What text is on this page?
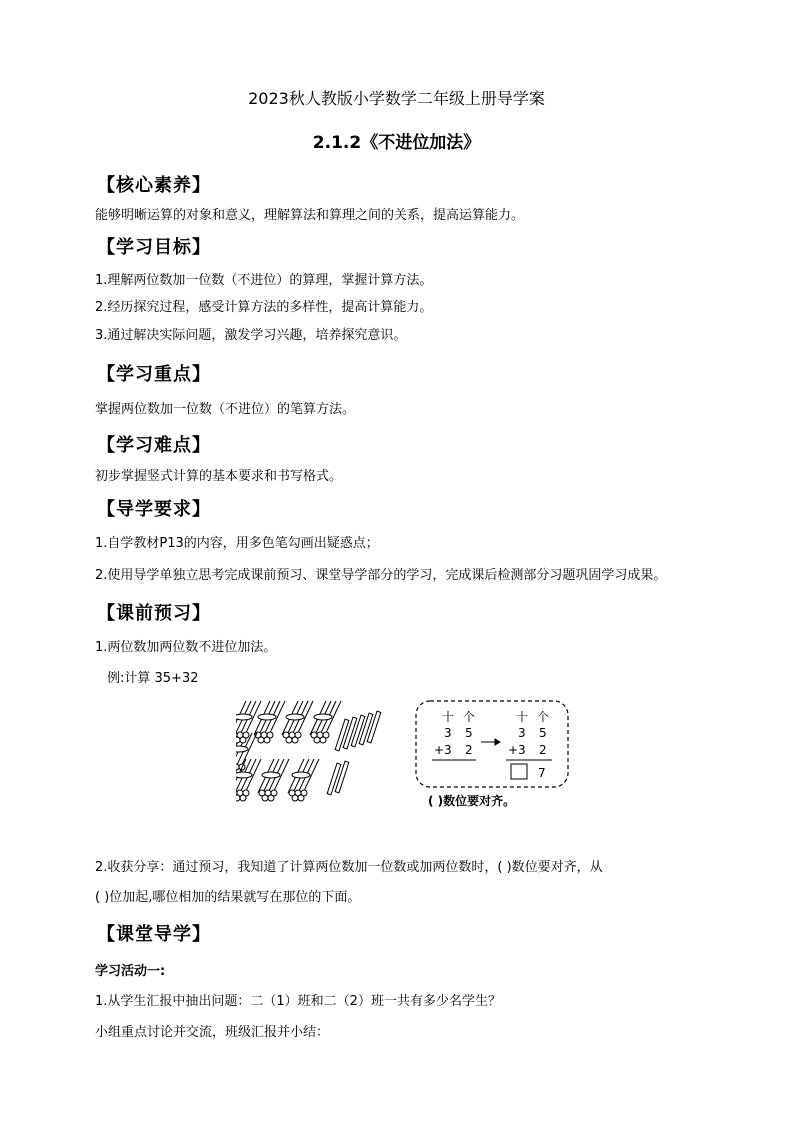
2023秋人教版小学数学二年级上册导学案
2.1.2《不进位加法》
【核心素养】
能够明晰运算的对象和意义，理解算法和算理之间的关系，提高运算能力。
【学习目标】
1.理解两位数加一位数（不进位）的算理，掌握计算方法。
2.经历探究过程，感受计算方法的多样性，提高计算能力。
3.通过解决实际问题，激发学习兴趣，培养探究意识。
【学习重点】
掌握两位数加一位数（不进位）的笔算方法。
【学习难点】
初步掌握竖式计算的基本要求和书写格式。
【导学要求】
1.自学教材P13的内容，用多色笔勾画出疑惑点；
2.使用导学单独立思考完成课前预习、课堂导学部分的学习，完成课后检测部分习题巩固学习成果。
【课前预习】
1.两位数加两位数不进位加法。
例:计算 35+32
十 个
3 5
+3 2
十 个
3 5
+3 2
7
( )数位要对齐。
2.收获分享：通过预习，我知道了计算两位数加一位数或加两位数时，( )数位要对齐，从
( )位加起,哪位相加的结果就写在那位的下面。
【课堂导学】
学习活动一:
1.从学生汇报中抽出问题：二（1）班和二（2）班一共有多少名学生？
小组重点讨论并交流，班级汇报并小结：
